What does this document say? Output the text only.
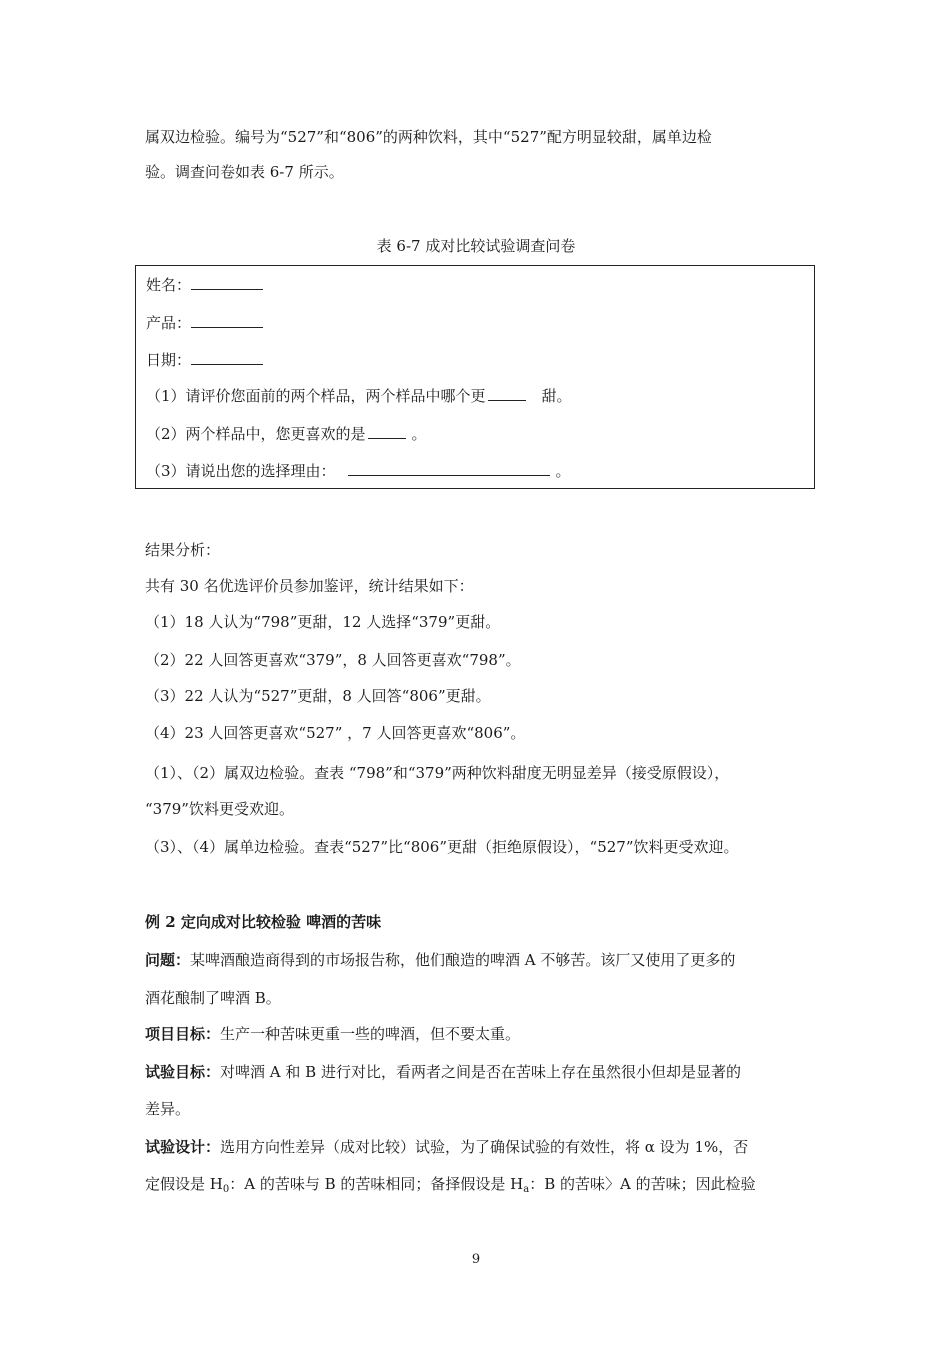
属双边检验。编号为“527”和“806”的两种饮料，其中“527”配方明显较甜，属单边检
验。调查问卷如表 6-7 所示。
表 6-7 成对比较试验调查问卷
姓名：
产品：
日期：
（1）请评价您面前的两个样品，两个样品中哪个更	甜。
（2）两个样品中，您更喜欢的是	。
（3）请说出您的选择理由：	。
结果分析：
共有 30 名优选评价员参加鉴评，统计结果如下：
（1）18 人认为“798”更甜，12 人选择“379”更甜。
（2）22 人回答更喜欢“379”，8 人回答更喜欢“798”。
（3）22 人认为“527”更甜，8 人回答“806”更甜。
（4）23 人回答更喜欢“527” ，7 人回答更喜欢“806”。
（1）、（2）属双边检验。查表 “798”和“379”两种饮料甜度无明显差异（接受原假设），
“379”饮料更受欢迎。
（3）、（4）属单边检验。查表“527”比“806”更甜（拒绝原假设），“527”饮料更受欢迎。
例 2 定向成对比较检验 啤酒的苦味
问题：某啤酒酿造商得到的市场报告称，他们酿造的啤酒 A 不够苦。该厂又使用了更多的
酒花酿制了啤酒 B。
项目目标：生产一种苦味更重一些的啤酒，但不要太重。
试验目标：对啤酒 A 和 B 进行对比，看两者之间是否在苦味上存在虽然很小但却是显著的
差异。
试验设计：选用方向性差异（成对比较）试验，为了确保试验的有效性，将 α 设为 1%，否
定假设是 $H_0$：A 的苦味与 B 的苦味相同；备择假设是 $H_a$：B 的苦味〉A 的苦味；因此检验
9
